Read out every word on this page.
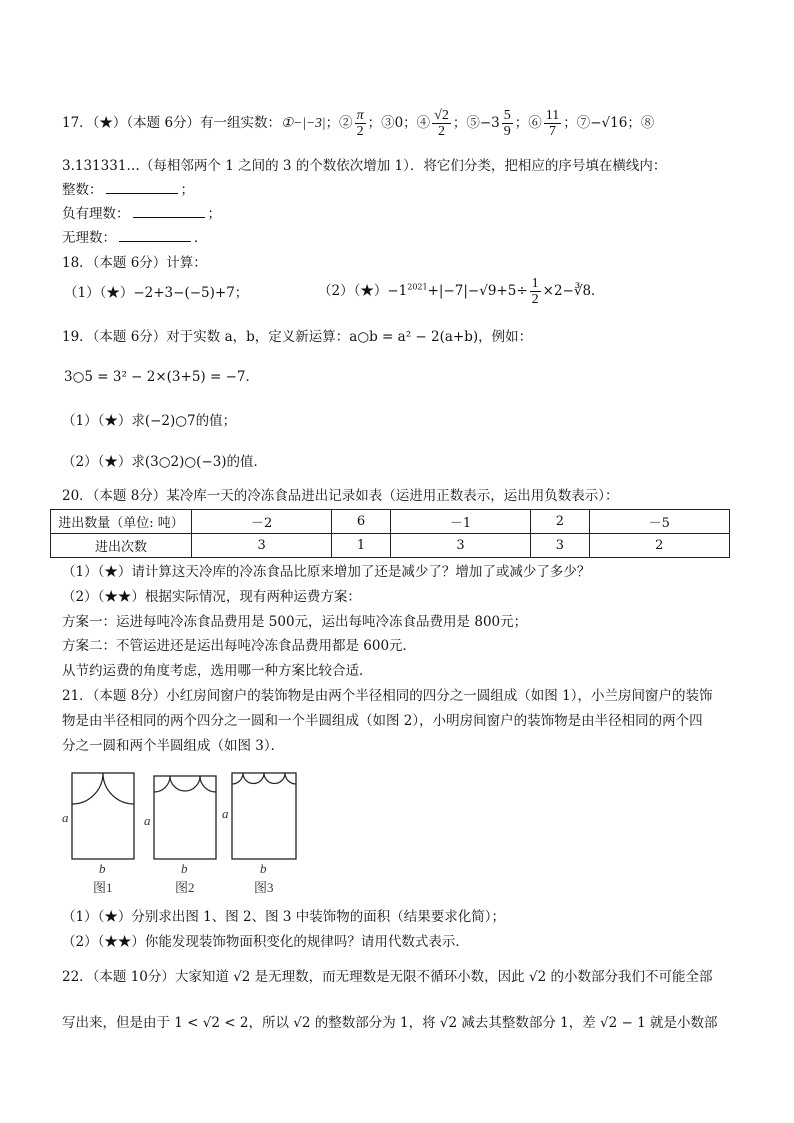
17．（★）（本题 6分）有一组实数：①−|−3|；② $\frac{\pi}{2}$ ；③0；④ $\frac{√2}{2}$ ；⑤−3 $\frac{5}{9}$ ；⑥ $\frac{11}{7}$ ；⑦−√16；⑧
3.131331…（每相邻两个 1 之间的 3 的个数依次增加 1）．将它们分类，把相应的序号填在横线内：
整数：	；
负有理数：	；
无理数：	．
18．（本题 6分）计算：
（1）（★）−2+3−(−5)+7；	$(2)(★)-1^{2021}+|-7|-√9+5\div \frac{1}{2}$ ×2−∛8．
19．（本题 6分）对于实数 a，b，定义新运算：a○b = a² − 2(a+b)，例如：
3○5 = 3² − 2×(3+5) = −7．
（1）（★）求(−2)○7的值；
（2）（★）求(3○2)○(−3)的值．
20．（本题 8分）某冷库一天的冷冻食品进出记录如表（运进用正数表示，运出用负数表示）：
进出数量（单位: 吨）	－2	6	－1	2	－5
进出次数	3	1	3	3	2
（1）（★）请计算这天冷库的冷冻食品比原来增加了还是减少了？增加了或减少了多少？
（2）（★★）根据实际情况，现有两种运费方案：
方案一：运进每吨冷冻食品费用是 500元，运出每吨冷冻食品费用是 800元；
方案二：不管运进还是运出每吨冷冻食品费用都是 600元．
从节约运费的角度考虑，选用哪一种方案比较合适．
21．（本题 8分）小红房间窗户的装饰物是由两个半径相同的四分之一圆组成（如图 1），小兰房间窗户的装饰
物是由半径相同的两个四分之一圆和一个半圆组成（如图 2），小明房间窗户的装饰物是由半径相同的两个四
分之一圆和两个半圆组成（如图 3）．
a
b
图1
a
b
图2
a
b
图3
（1）（★）分别求出图 1、图 2、图 3 中装饰物的面积（结果要求化简）；
（2）（★★）你能发现装饰物面积变化的规律吗？请用代数式表示．
22．（本题 10分）大家知道 √2 是无理数，而无理数是无限不循环小数，因此 √2 的小数部分我们不可能全部
写出来，但是由于 1 < √2 < 2，所以 √2 的整数部分为 1，将 √2 减去其整数部分 1，差 √2 − 1 就是小数部
